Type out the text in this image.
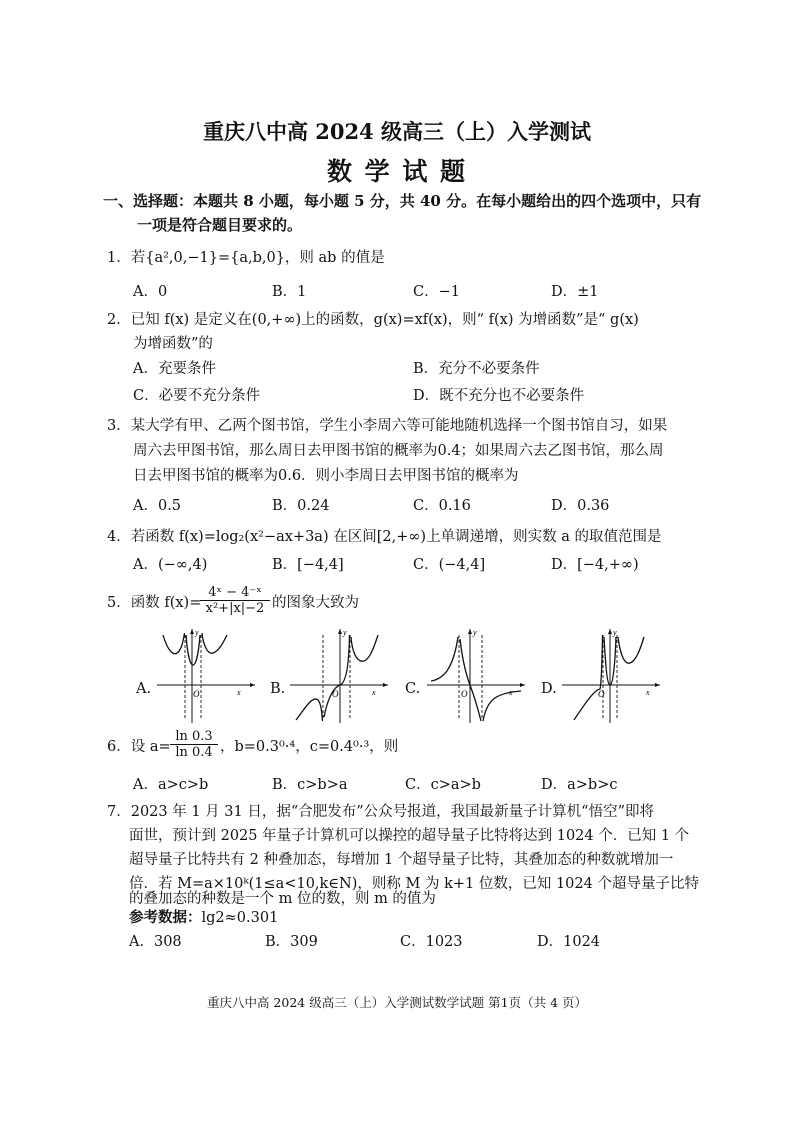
重庆八中高 2024 级高三（上）入学测试
数 学 试 题
一、选择题：本题共 8 小题，每小题 5 分，共 40 分。在每小题给出的四个选项中，只有
一项是符合题目要求的。
1．若{a²,0,−1}={a,b,0}，则 ab 的值是
A．0	B．1	C．−1	D．±1
2．已知 f(x) 是定义在(0,+∞)上的函数，g(x)=xf(x)，则“ f(x) 为增函数”是“ g(x)
为增函数”的
A．充要条件	B．充分不必要条件
C．必要不充分条件	D．既不充分也不必要条件
3．某大学有甲、乙两个图书馆，学生小李周六等可能地随机选择一个图书馆自习，如果
周六去甲图书馆，那么周日去甲图书馆的概率为0.4；如果周六去乙图书馆，那么周
日去甲图书馆的概率为0.6．则小李周日去甲图书馆的概率为
A．0.5	B．0.24	C．0.16	D．0.36
4．若函数 f(x)=log₂(x²−ax+3a) 在区间[2,+∞)上单调递增，则实数 a 的取值范围是
A．(−∞,4)	B．[−4,4]	C．(−4,4]	D．[−4,+∞)
5．函数 f(x)=
$\frac{\text{4ˣ − 4⁻ˣ}}{\text{x²+|x|−2}}$ 的图象大致为
A.	B.	C.	D.
O	x
y
O	x
y
O	x
y
O	x
y
6．设 $a= \frac{\ln 0.3}{\ln 0.4}$ ，b=0.3⁰·⁴，c=0.4⁰·³，则
A．a>c>b	B．c>b>a	C．c>a>b	D．a>b>c
7．2023 年 1 月 31 日，据“合肥发布”公众号报道，我国最新量子计算机“悟空”即将
面世，预计到 2025 年量子计算机可以操控的超导量子比特将达到 1024 个．已知 1 个
超导量子比特共有 2 种叠加态，每增加 1 个超导量子比特，其叠加态的种数就增加一
倍．若 M=a×10ᵏ(1≤a<10,k∈N)，则称 M 为 k+1 位数，已知 1024 个超导量子比特
的叠加态的种数是一个 m 位的数，则 m 的值为
参考数据：lg2≈0.301
A．308	B．309	C．1023	D．1024
重庆八中高 2024 级高三（上）入学测试数学试题 第1页（共 4 页）
